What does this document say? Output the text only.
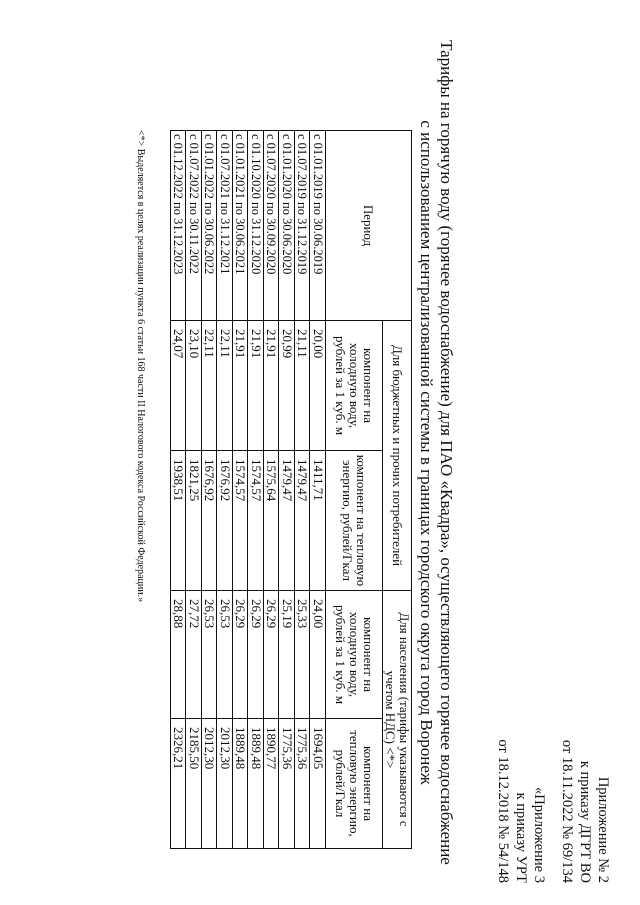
Приложение № 2
к приказу ДГРТ ВО
от 18.11.2022 № 69/134
«Приложение 3
к приказу УРТ
от 18.12.2018 № 54/148
Тарифы на горячую воду (горячее водоснабжение) для ПАО «Квадра», осуществляющего горячее водоснабжение
с использованием централизованной системы в границах городского округа город Воронеж
Период	Для бюджетных и прочих потребителей		Для населения (тарифы указываются с учетом НДС) <*>	
	компонент на холодную воду, рублей за 1 куб. м	компонент на тепловую энергию, рублей/Гкал	компонент на холодную воду, рублей за 1 куб. м	компонент на тепловую энергию, рублей/Гкал
с 01.01.2019 по 30.06.2019	20,00	1411,71	24,00	1694,05
с 01.07.2019 по 31.12.2019	21,11	1479,47	25,33	1775,36
с 01.01.2020 по 30.06.2020	20,99	1479,47	25,19	1775,36
с 01.07.2020 по 30.09.2020	21,91	1575,64	26,29	1890,77
с 01.10.2020 по 31.12.2020	21,91	1574,57	26,29	1889,48
с 01.01.2021 по 30.06.2021	21,91	1574,57	26,29	1889,48
с 01.07.2021 по 31.12.2021	22,11	1676,92	26,53	2012,30
с 01.01.2022 по 30.06.2022	22,11	1676,92	26,53	2012,30
с 01.07.2022 по 30.11.2022	23,10	1821,25	27,72	2185,50
с 01.12.2022 по 31.12.2023	24,07	1938,51	28,88	2326,21
<*> Выделяется в целях реализации пункта 6 статьи 168 части II Налогового кодекса Российской Федерации.»
